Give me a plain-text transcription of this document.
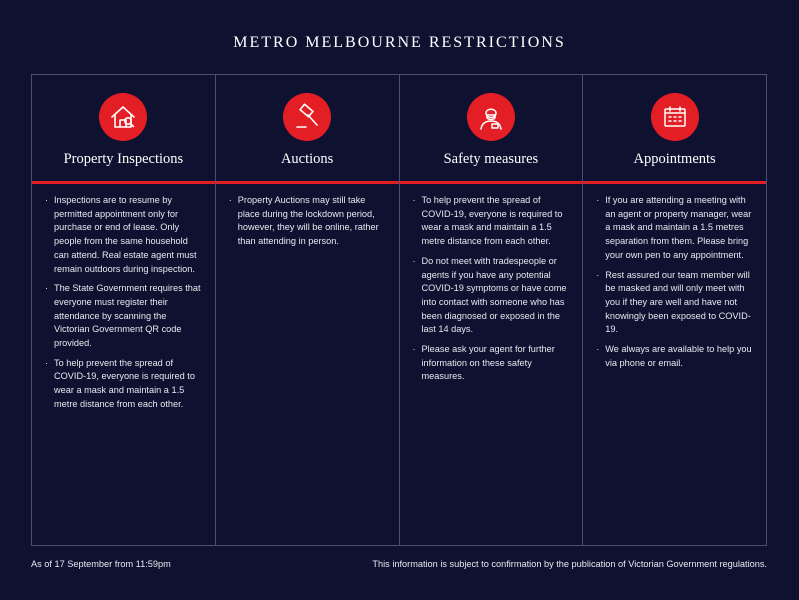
METRO MELBOURNE RESTRICTIONS
Property Inspections
· Inspections are to resume by permitted appointment only for purchase or end of lease. Only people from the same household can attend. Real estate agent must remain outdoors during inspection.
· The State Government requires that everyone must register their attendance by scanning the Victorian Government QR code provided.
· To help prevent the spread of COVID-19, everyone is required to wear a mask and maintain a 1.5 metre distance from each other.
Auctions
· Property Auctions may still take place during the lockdown period, however, they will be online, rather than attending in person.
Safety measures
· To help prevent the spread of COVID-19, everyone is required to wear a mask and maintain a 1.5 metre distance from each other.
· Do not meet with tradespeople or agents if you have any potential COVID-19 symptoms or have come into contact with someone who has been diagnosed or exposed in the last 14 days.
· Please ask your agent for further information on these safety measures.
Appointments
· If you are attending a meeting with an agent or property manager, wear a mask and maintain a 1.5 metres separation from them. Please bring your own pen to any appointment.
· Rest assured our team member will be masked and will only meet with you if they are well and have not knowingly been exposed to COVID-19.
· We always are available to help you via phone or email.
As of 17 September from 11:59pm	This information is subject to confirmation by the publication of Victorian Government regulations.
